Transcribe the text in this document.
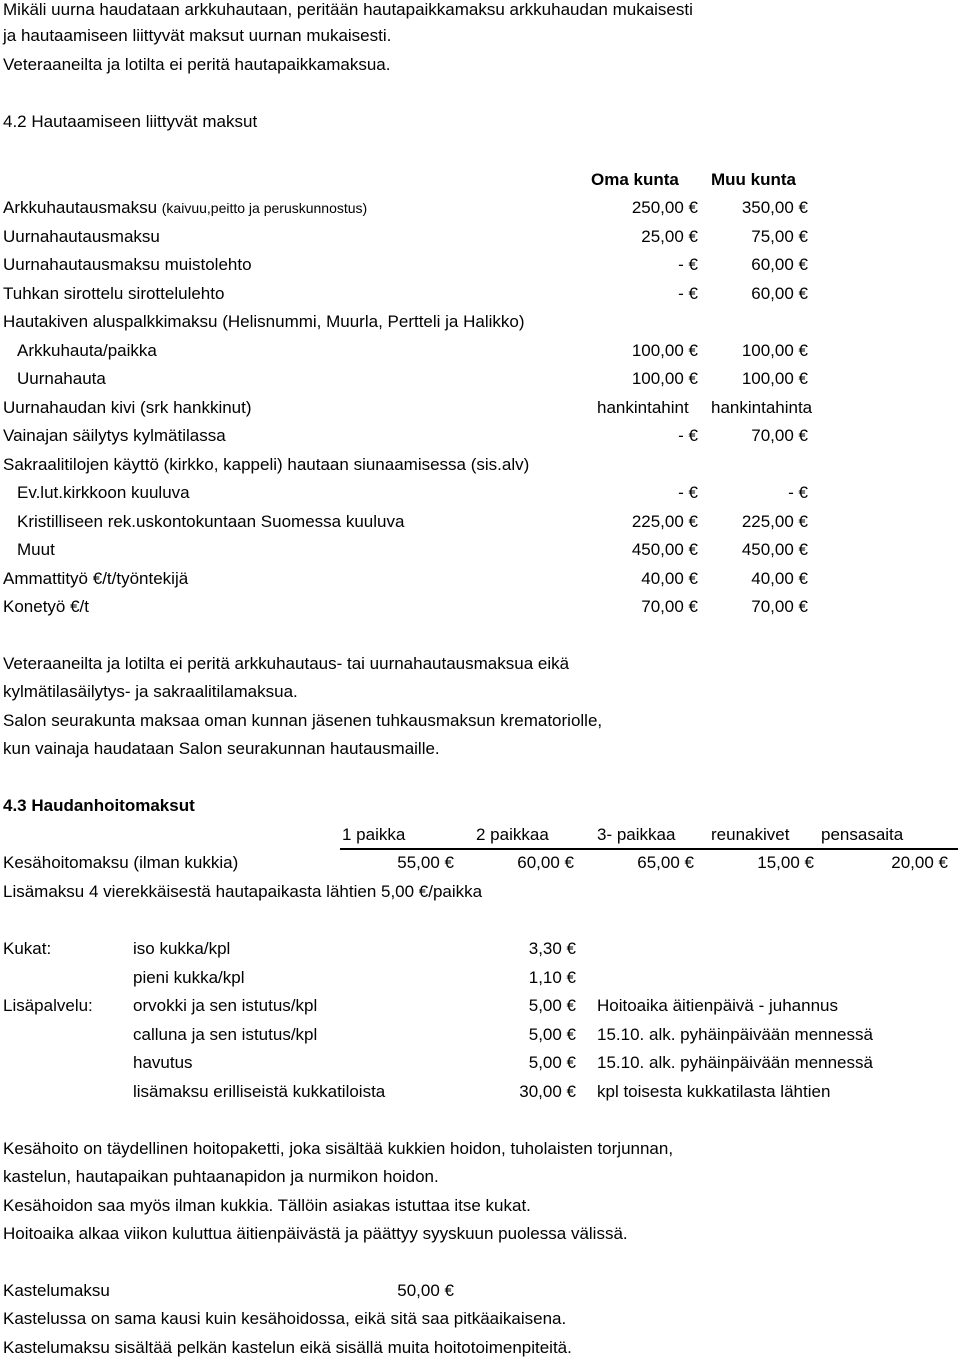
Mikäli uurna haudataan arkkuhautaan, peritään hautapaikkamaksu arkkuhaudan mukaisesti
ja hautaamiseen liittyvät maksut uurnan mukaisesti.
Veteraaneilta ja lotilta ei peritä hautapaikkamaksua.
4.2 Hautaamiseen liittyvät maksut
Oma kunta Muu kunta
Arkkuhautausmaksu (kaivuu,peitto ja peruskunnostus)	250,00 €	350,00 €
Uurnahautausmaksu	25,00 €	75,00 €
Uurnahautausmaksu muistolehto	- €	60,00 €
Tuhkan sirottelu sirottelulehto	- €	60,00 €
Hautakiven aluspalkkimaksu (Helisnummi, Muurla, Pertteli ja Halikko)
Arkkuhauta/paikka	100,00 €	100,00 €
Uurnahauta	100,00 €	100,00 €
Uurnahaudan kivi (srk hankkinut)	hankintahint hankintahinta
Vainajan säilytys kylmätilassa	- €	70,00 €
Sakraalitilojen käyttö (kirkko, kappeli) hautaan siunaamisessa (sis.alv)
Ev.lut.kirkkoon kuuluva	- €	- €
Kristilliseen rek.uskontokuntaan Suomessa kuuluva	225,00 €	225,00 €
Muut	450,00 €	450,00 €
Ammattityö €/t/työntekijä	40,00 €	40,00 €
Konetyö €/t	70,00 €	70,00 €
Veteraaneilta ja lotilta ei peritä arkkuhautaus- tai uurnahautausmaksua eikä
kylmätilasäilytys- ja sakraalitilamaksua.
Salon seurakunta maksaa oman kunnan jäsenen tuhkausmaksun krematoriolle,
kun vainaja haudataan Salon seurakunnan hautausmaille.
4.3 Haudanhoitomaksut
1 paikka	2 paikkaa	3- paikkaa reunakivet pensasaita
Kesähoitomaksu (ilman kukkia)	55,00 €	60,00 €	65,00 €	15,00 €	20,00 €
Lisämaksu 4 vierekkäisestä hautapaikasta lähtien 5,00 €/paikka
Kukat:	iso kukka/kpl	3,30 €
pieni kukka/kpl	1,10 €
Lisäpalvelu: orvokki ja sen istutus/kpl	5,00 € Hoitoaika äitienpäivä - juhannus
calluna ja sen istutus/kpl	5,00 € 15.10. alk. pyhäinpäivään mennessä
havutus	5,00 € 15.10. alk. pyhäinpäivään mennessä
lisämaksu erilliseistä kukkatiloista	30,00 € kpl toisesta kukkatilasta lähtien
Kesähoito on täydellinen hoitopaketti, joka sisältää kukkien hoidon, tuholaisten torjunnan,
kastelun, hautapaikan puhtaanapidon ja nurmikon hoidon.
Kesähoidon saa myös ilman kukkia. Tällöin asiakas istuttaa itse kukat.
Hoitoaika alkaa viikon kuluttua äitienpäivästä ja päättyy syyskuun puolessa välissä.
Kastelumaksu	50,00 €
Kastelussa on sama kausi kuin kesähoidossa, eikä sitä saa pitkäaikaisena.
Kastelumaksu sisältää pelkän kastelun eikä sisällä muita hoitotoimenpiteitä.
